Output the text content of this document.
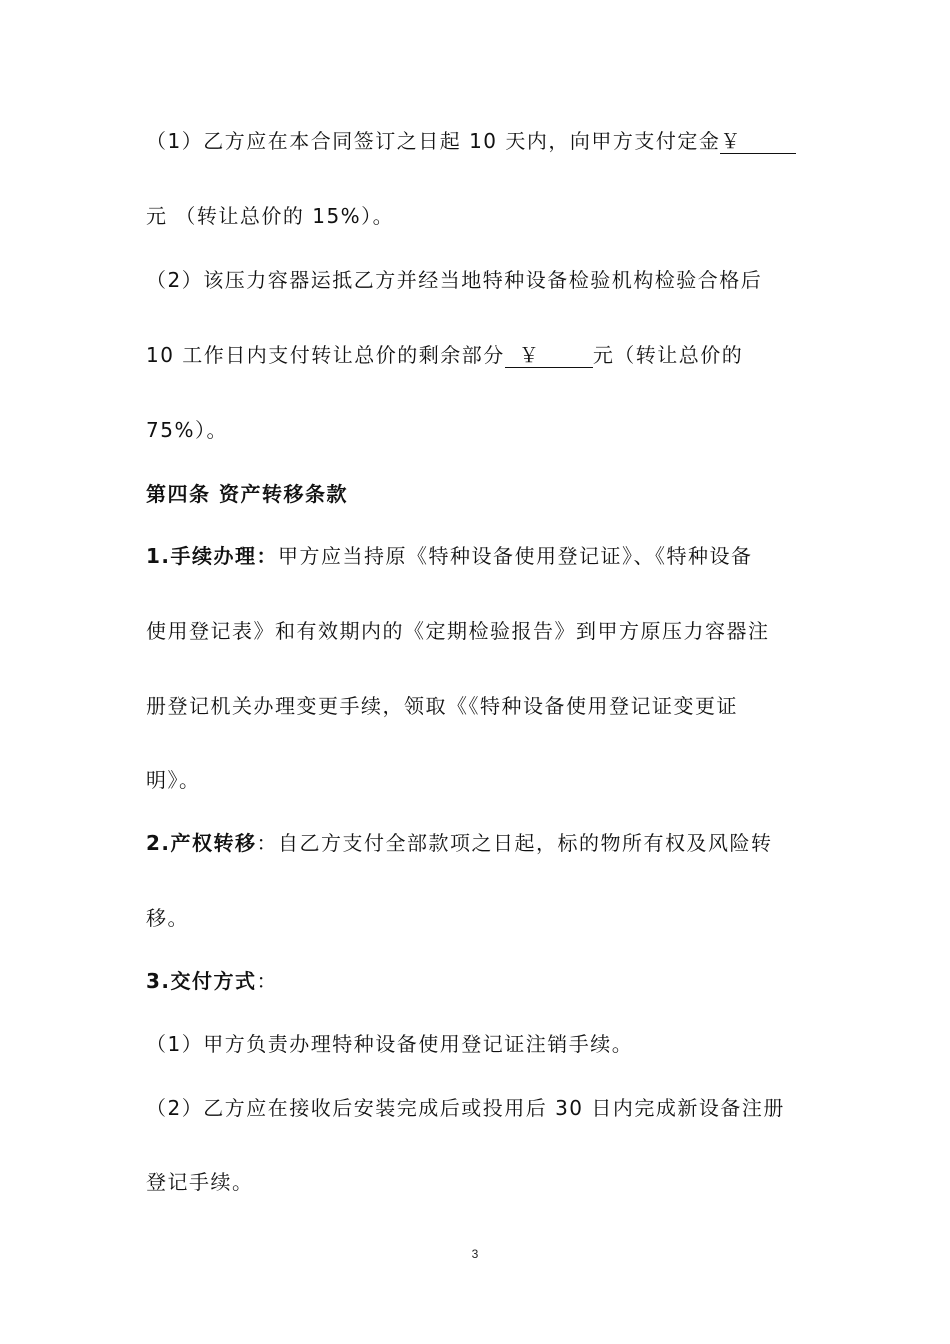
（1）乙方应在本合同签订之日起 10 天内，向甲方支付定金￥
元 （转让总价的 15%）。
（2）该压力容器运抵乙方并经当地特种设备检验机构检验合格后
10 工作日内支付转让总价的剩余部分 ￥	元（转让总价的
75%）。
第四条 资产转移条款
1.手续办理：甲方应当持原《特种设备使用登记证》、《特种设备
使用登记表》和有效期内的《定期检验报告》到甲方原压力容器注
册登记机关办理变更手续，领取《《特种设备使用登记证变更证
明》。
2.产权转移：自乙方支付全部款项之日起，标的物所有权及风险转
移。
3.交付方式：
（1）甲方负责办理特种设备使用登记证注销手续。
（2）乙方应在接收后安装完成后或投用后 30 日内完成新设备注册
登记手续。
3
